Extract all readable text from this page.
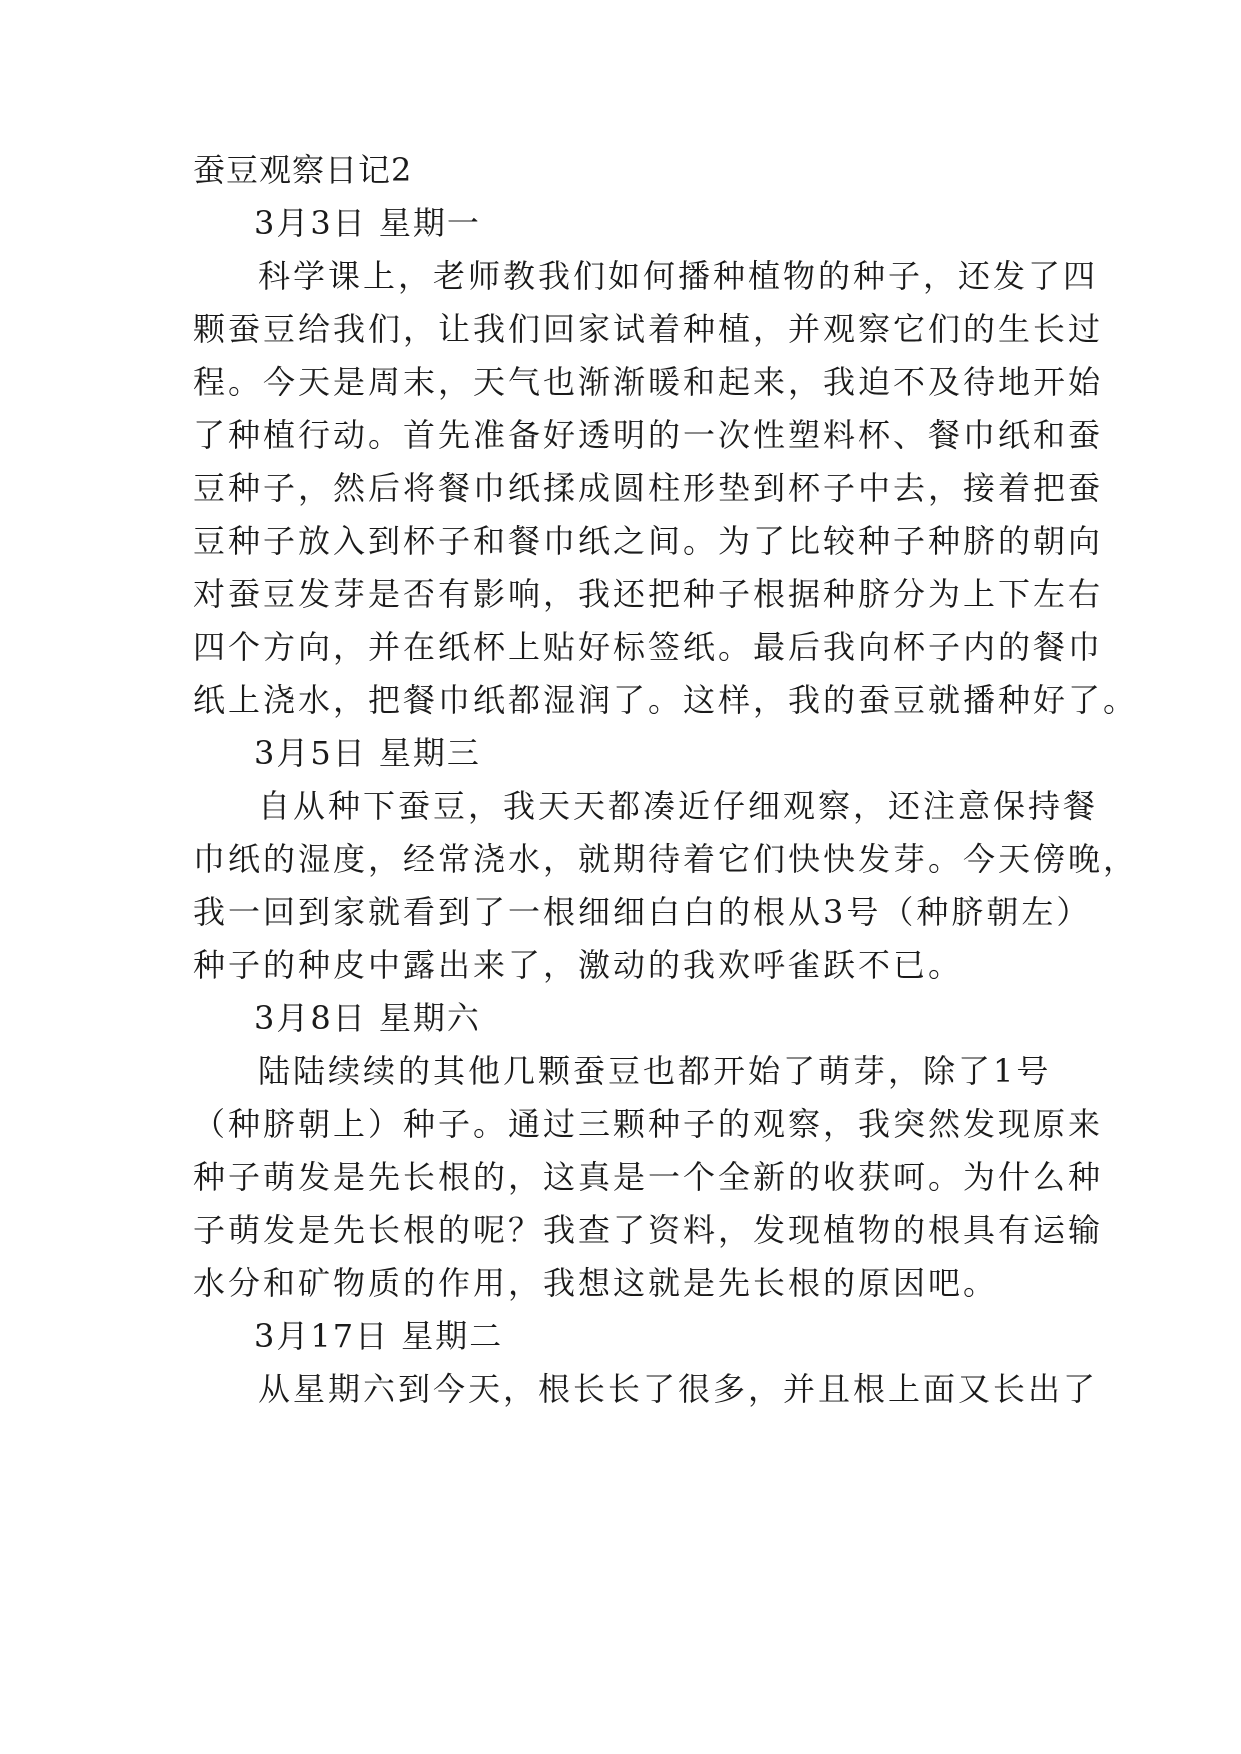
蚕豆观察日记2
3月3日 星期一
科学课上，老师教我们如何播种植物的种子，还发了四
颗蚕豆给我们，让我们回家试着种植，并观察它们的生长过
程。今天是周末，天气也渐渐暖和起来，我迫不及待地开始
了种植行动。首先准备好透明的一次性塑料杯、餐巾纸和蚕
豆种子，然后将餐巾纸揉成圆柱形垫到杯子中去，接着把蚕
豆种子放入到杯子和餐巾纸之间。为了比较种子种脐的朝向
对蚕豆发芽是否有影响，我还把种子根据种脐分为上下左右
四个方向，并在纸杯上贴好标签纸。最后我向杯子内的餐巾
纸上浇水，把餐巾纸都湿润了。这样，我的蚕豆就播种好了。
3月5日 星期三
自从种下蚕豆，我天天都凑近仔细观察，还注意保持餐
巾纸的湿度，经常浇水，就期待着它们快快发芽。今天傍晚，
我一回到家就看到了一根细细白白的根从3号（种脐朝左）
种子的种皮中露出来了，激动的我欢呼雀跃不已。
3月8日 星期六
陆陆续续的其他几颗蚕豆也都开始了萌芽，除了1号
（种脐朝上）种子。通过三颗种子的观察，我突然发现原来
种子萌发是先长根的，这真是一个全新的收获呵。为什么种
子萌发是先长根的呢？我查了资料，发现植物的根具有运输
水分和矿物质的作用，我想这就是先长根的原因吧。
3月17日 星期二
从星期六到今天，根长长了很多，并且根上面又长出了
